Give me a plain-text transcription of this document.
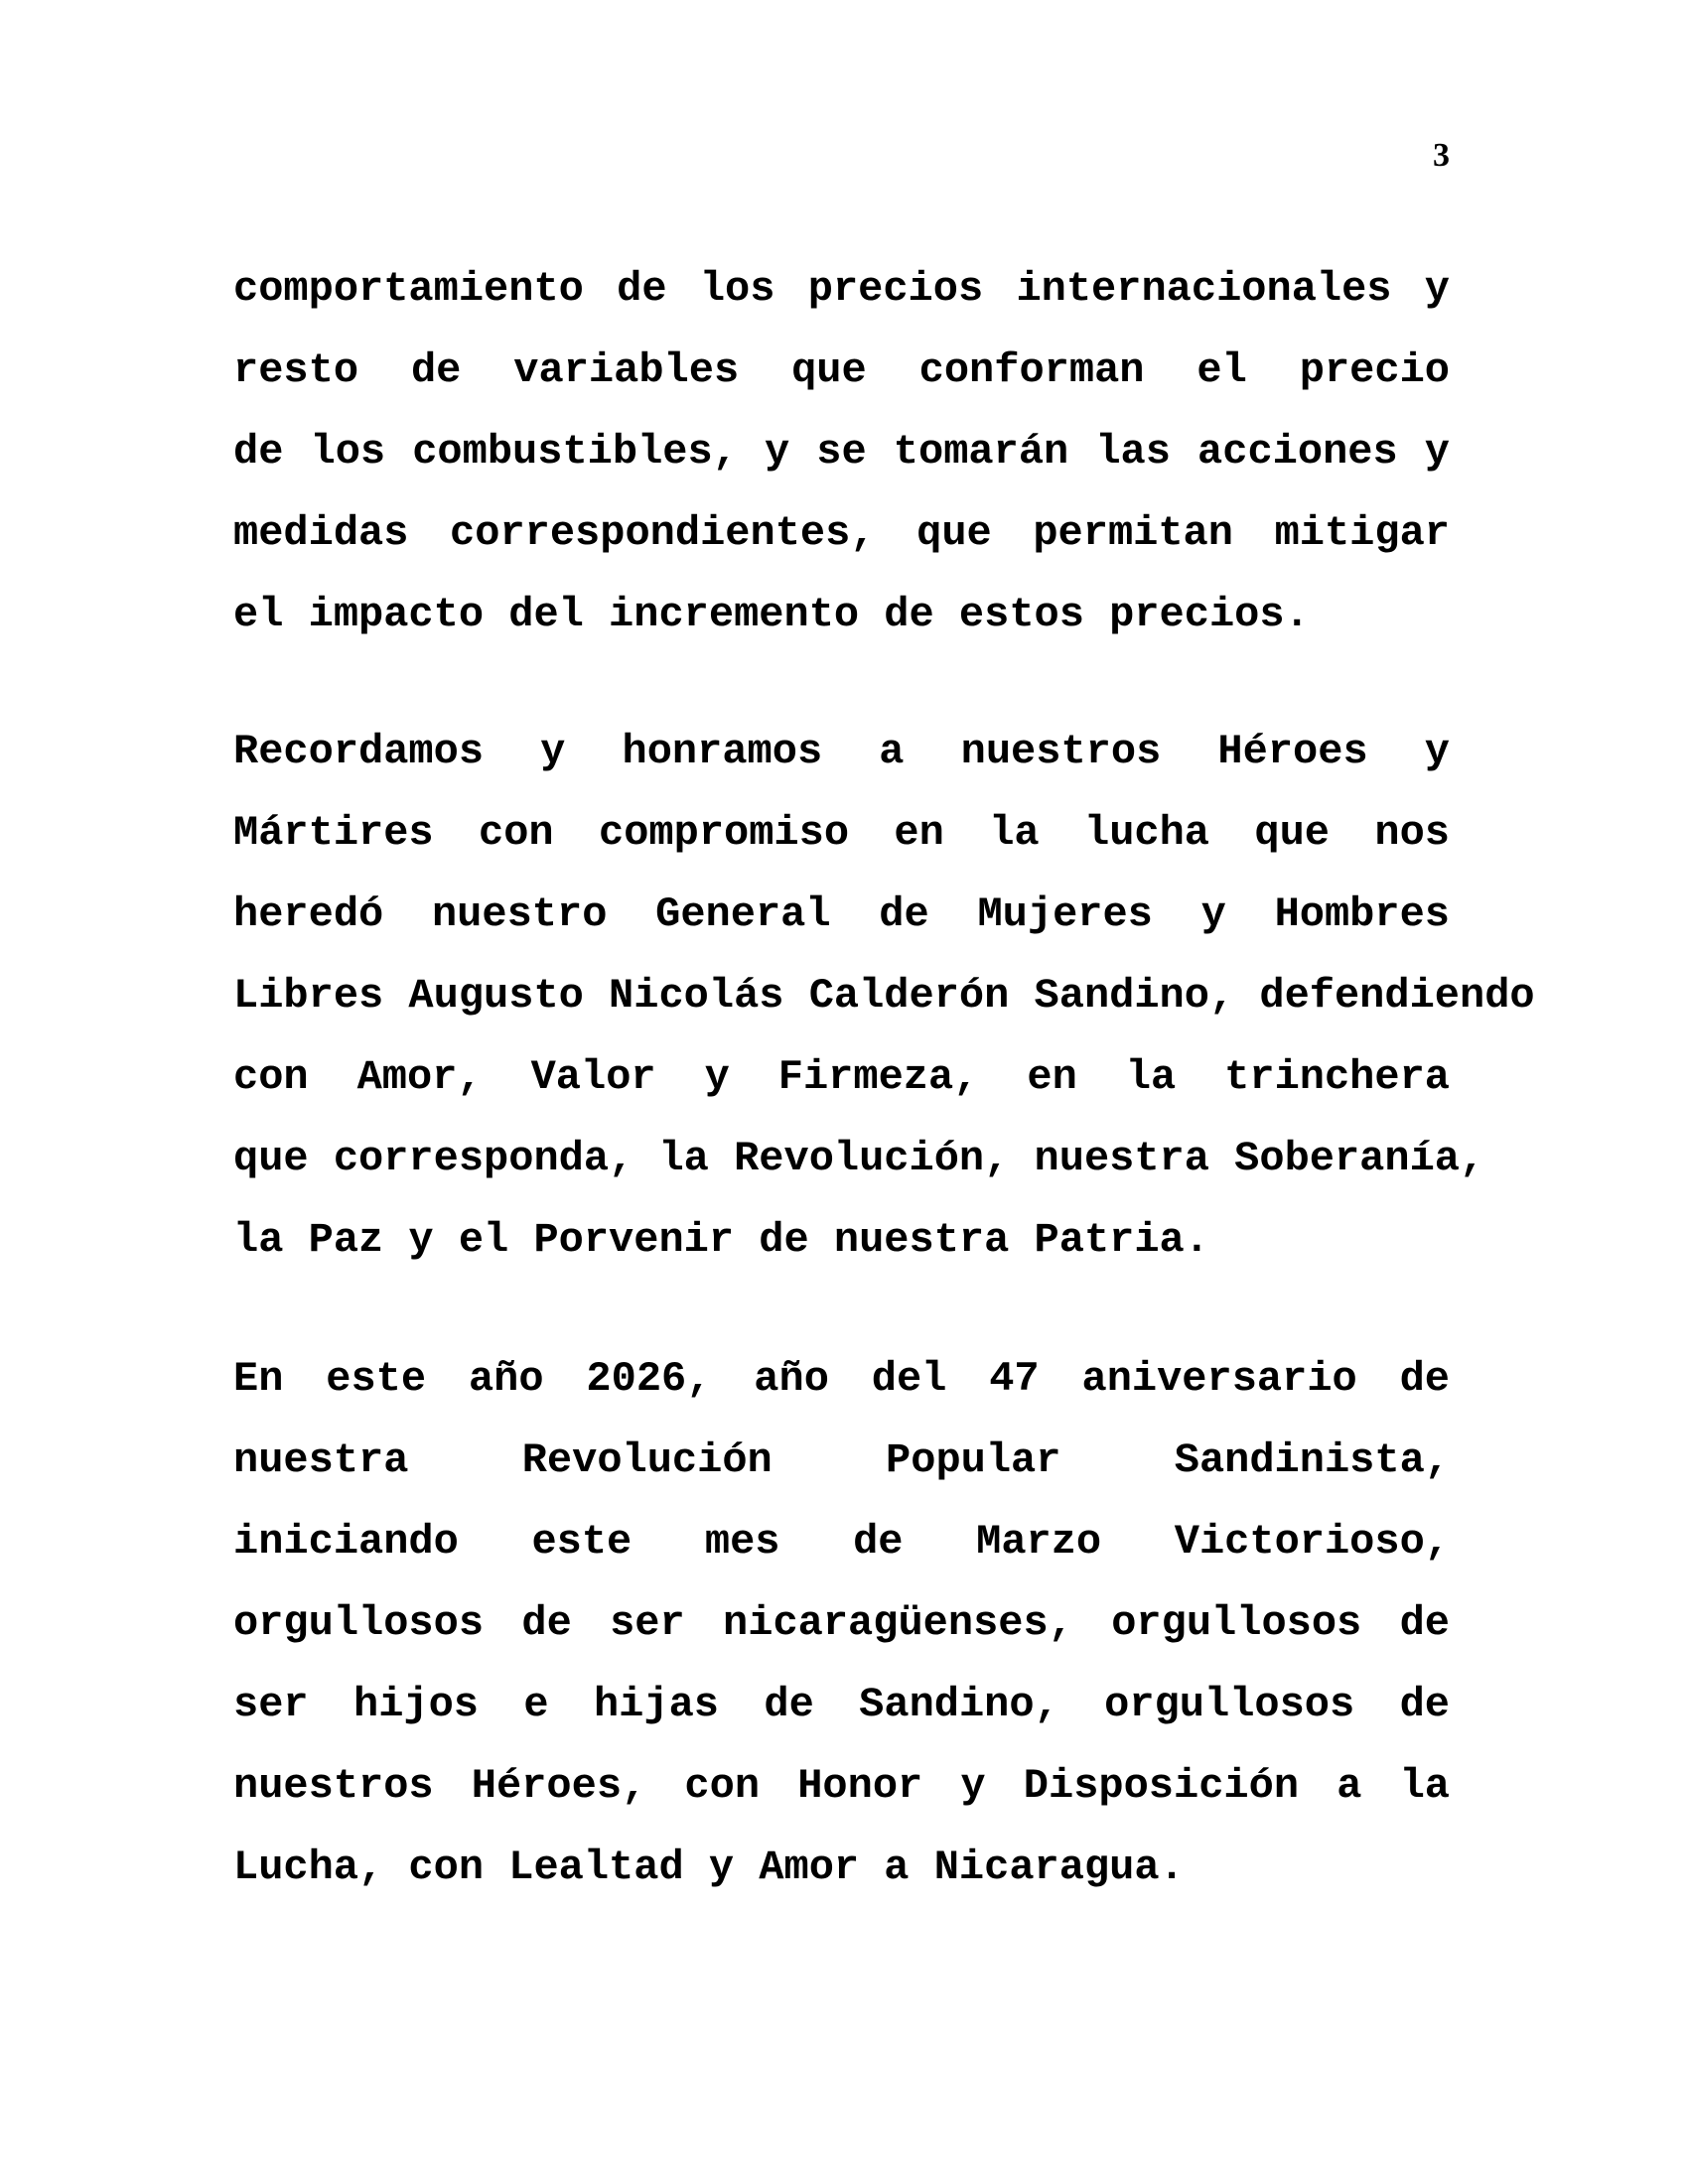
3
comportamiento de los precios internacionales y
resto de variables que conforman el precio
de los combustibles, y se tomarán las acciones y
medidas correspondientes, que permitan mitigar
el impacto del incremento de estos precios.
Recordamos y honramos a nuestros Héroes y
Mártires con compromiso en la lucha que nos
heredó nuestro General de Mujeres y Hombres
Libres Augusto Nicolás Calderón Sandino, defendiendo
con Amor, Valor y Firmeza, en la trinchera
que corresponda, la Revolución, nuestra Soberanía,
la Paz y el Porvenir de nuestra Patria.
En este año 2026, año del 47 aniversario de
nuestra Revolución Popular Sandinista,
iniciando este mes de Marzo Victorioso,
orgullosos de ser nicaragüenses, orgullosos de
ser hijos e hijas de Sandino, orgullosos de
nuestros Héroes, con Honor y Disposición a la
Lucha, con Lealtad y Amor a Nicaragua.
